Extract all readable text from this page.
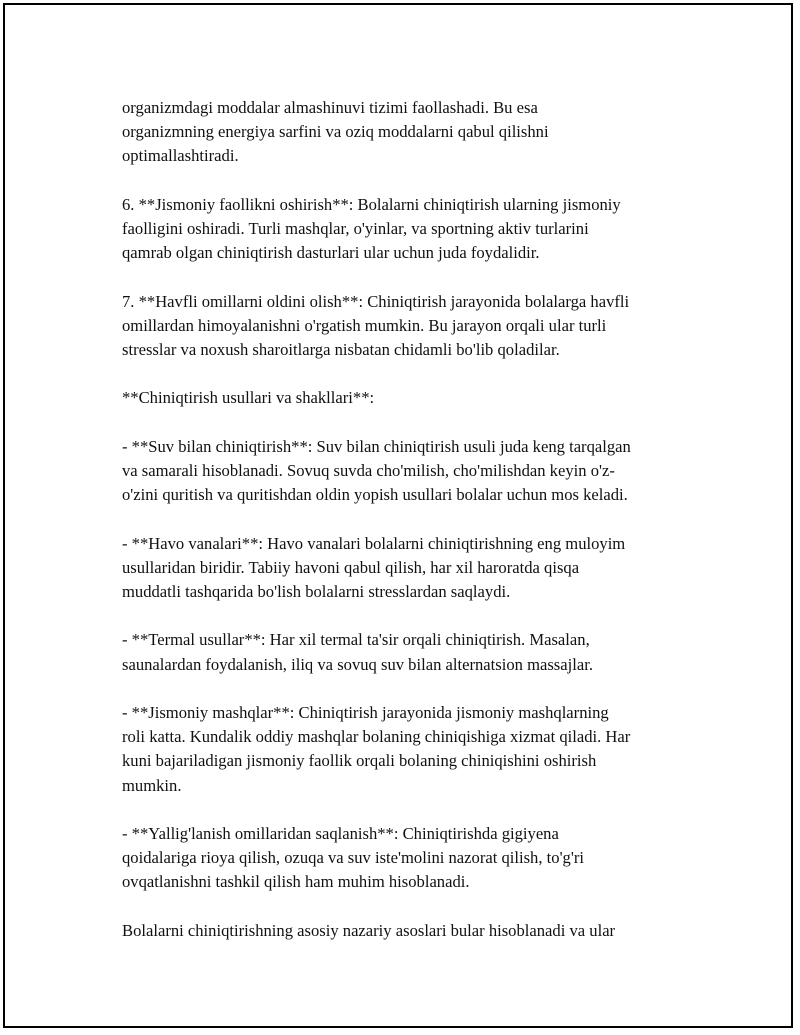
organizmdagi moddalar almashinuvi tizimi faollashadi. Bu esa
organizmning energiya sarfini va oziq moddalarni qabul qilishni
optimallashtiradi.

6. **Jismoniy faollikni oshirish**: Bolalarni chiniqtirish ularning jismoniy
faolligini oshiradi. Turli mashqlar, o'yinlar, va sportning aktiv turlarini
qamrab olgan chiniqtirish dasturlari ular uchun juda foydalidir.

7. **Havfli omillarni oldini olish**: Chiniqtirish jarayonida bolalarga havfli
omillardan himoyalanishni o'rgatish mumkin. Bu jarayon orqali ular turli
stresslar va noxush sharoitlarga nisbatan chidamli bo'lib qoladilar.

**Chiniqtirish usullari va shakllari**:

- **Suv bilan chiniqtirish**: Suv bilan chiniqtirish usuli juda keng tarqalgan
va samarali hisoblanadi. Sovuq suvda cho'milish, cho'milishdan keyin o'z-
o'zini quritish va quritishdan oldin yopish usullari bolalar uchun mos keladi.

- **Havo vanalari**: Havo vanalari bolalarni chiniqtirishning eng muloyim
usullaridan biridir. Tabiiy havoni qabul qilish, har xil haroratda qisqa
muddatli tashqarida bo'lish bolalarni stresslardan saqlaydi.

- **Termal usullar**: Har xil termal ta'sir orqali chiniqtirish. Masalan,
saunalardan foydalanish, iliq va sovuq suv bilan alternatsion massajlar.

- **Jismoniy mashqlar**: Chiniqtirish jarayonida jismoniy mashqlarning
roli katta. Kundalik oddiy mashqlar bolaning chiniqishiga xizmat qiladi. Har
kuni bajariladigan jismoniy faollik orqali bolaning chiniqishini oshirish
mumkin.

- **Yallig'lanish omillaridan saqlanish**: Chiniqtirishda gigiyena
qoidalariga rioya qilish, ozuqa va suv iste'molini nazorat qilish, to'g'ri
ovqatlanishni tashkil qilish ham muhim hisoblanadi.

Bolalarni chiniqtirishning asosiy nazariy asoslari bular hisoblanadi va ular
